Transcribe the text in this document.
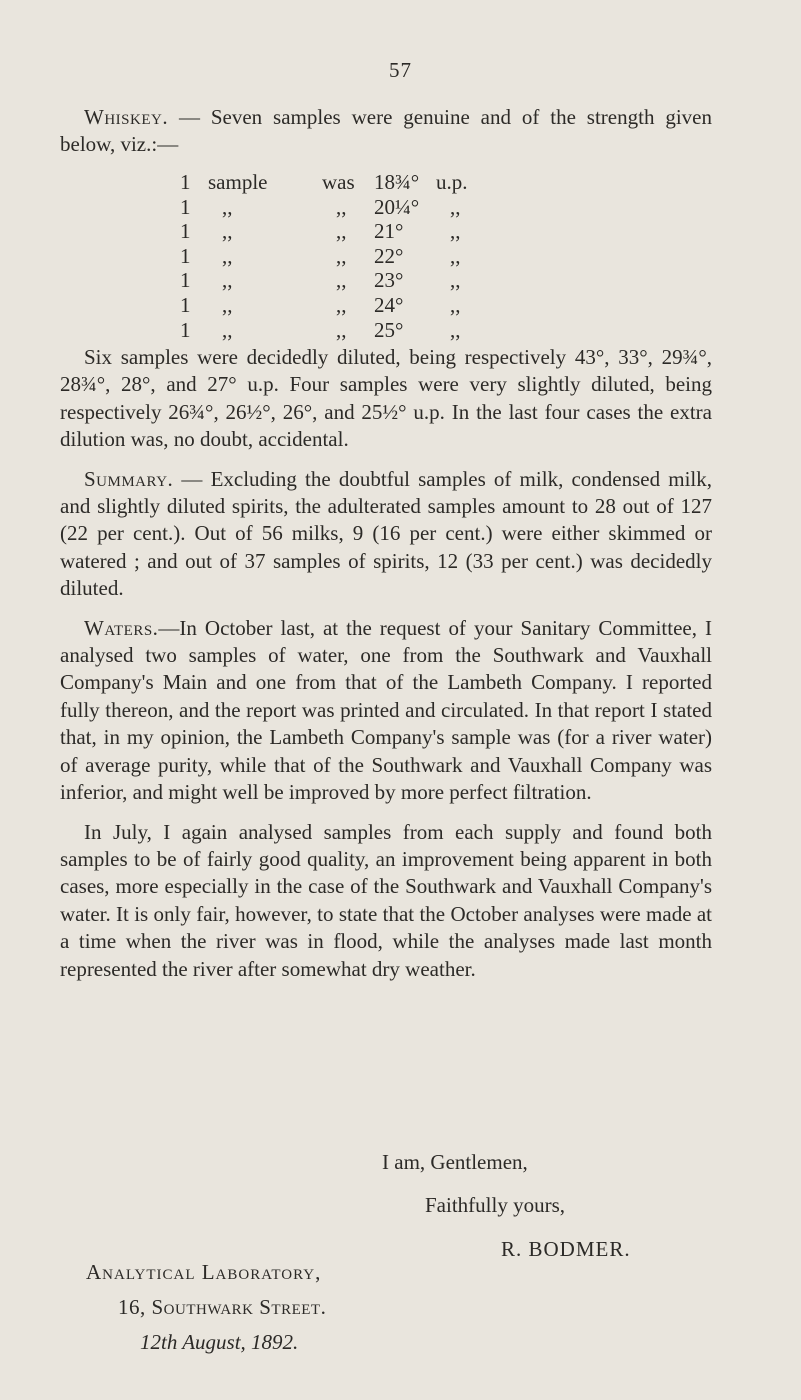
57

Whiskey. — Seven samples were genuine and of the strength given below, viz.:—

1	sample	was	18¾°	u.p.
1	,,	,,	20¼°	,,
1	,,	,,	21°	,,
1	,,	,,	22°	,,
1	,,	,,	23°	,,
1	,,	,,	24°	,,
1	,,	,,	25°	,,

Six samples were decidedly diluted, being respectively 43°, 33°, 29¾°, 28¾°, 28°, and 27° u.p. Four samples were very slightly diluted, being respectively 26¾°, 26½°, 26°, and 25½° u.p. In the last four cases the extra dilution was, no doubt, accidental.

Summary. — Excluding the doubtful samples of milk, condensed milk, and slightly diluted spirits, the adulterated samples amount to 28 out of 127 (22 per cent.). Out of 56 milks, 9 (16 per cent.) were either skimmed or watered ; and out of 37 samples of spirits, 12 (33 per cent.) was decidedly diluted.

Waters.—In October last, at the request of your Sanitary Committee, I analysed two samples of water, one from the Southwark and Vauxhall Company's Main and one from that of the Lambeth Company. I reported fully thereon, and the report was printed and circulated. In that report I stated that, in my opinion, the Lambeth Company's sample was (for a river water) of average purity, while that of the Southwark and Vauxhall Company was inferior, and might well be improved by more perfect filtration.

In July, I again analysed samples from each supply and found both samples to be of fairly good quality, an improvement being apparent in both cases, more especially in the case of the Southwark and Vauxhall Company's water. It is only fair, however, to state that the October analyses were made at a time when the river was in flood, while the analyses made last month represented the river after somewhat dry weather.

I am, Gentlemen,
Faithfully yours,
R. BODMER.
Analytical Laboratory,
16, Southwark Street.
12th August, 1892.
